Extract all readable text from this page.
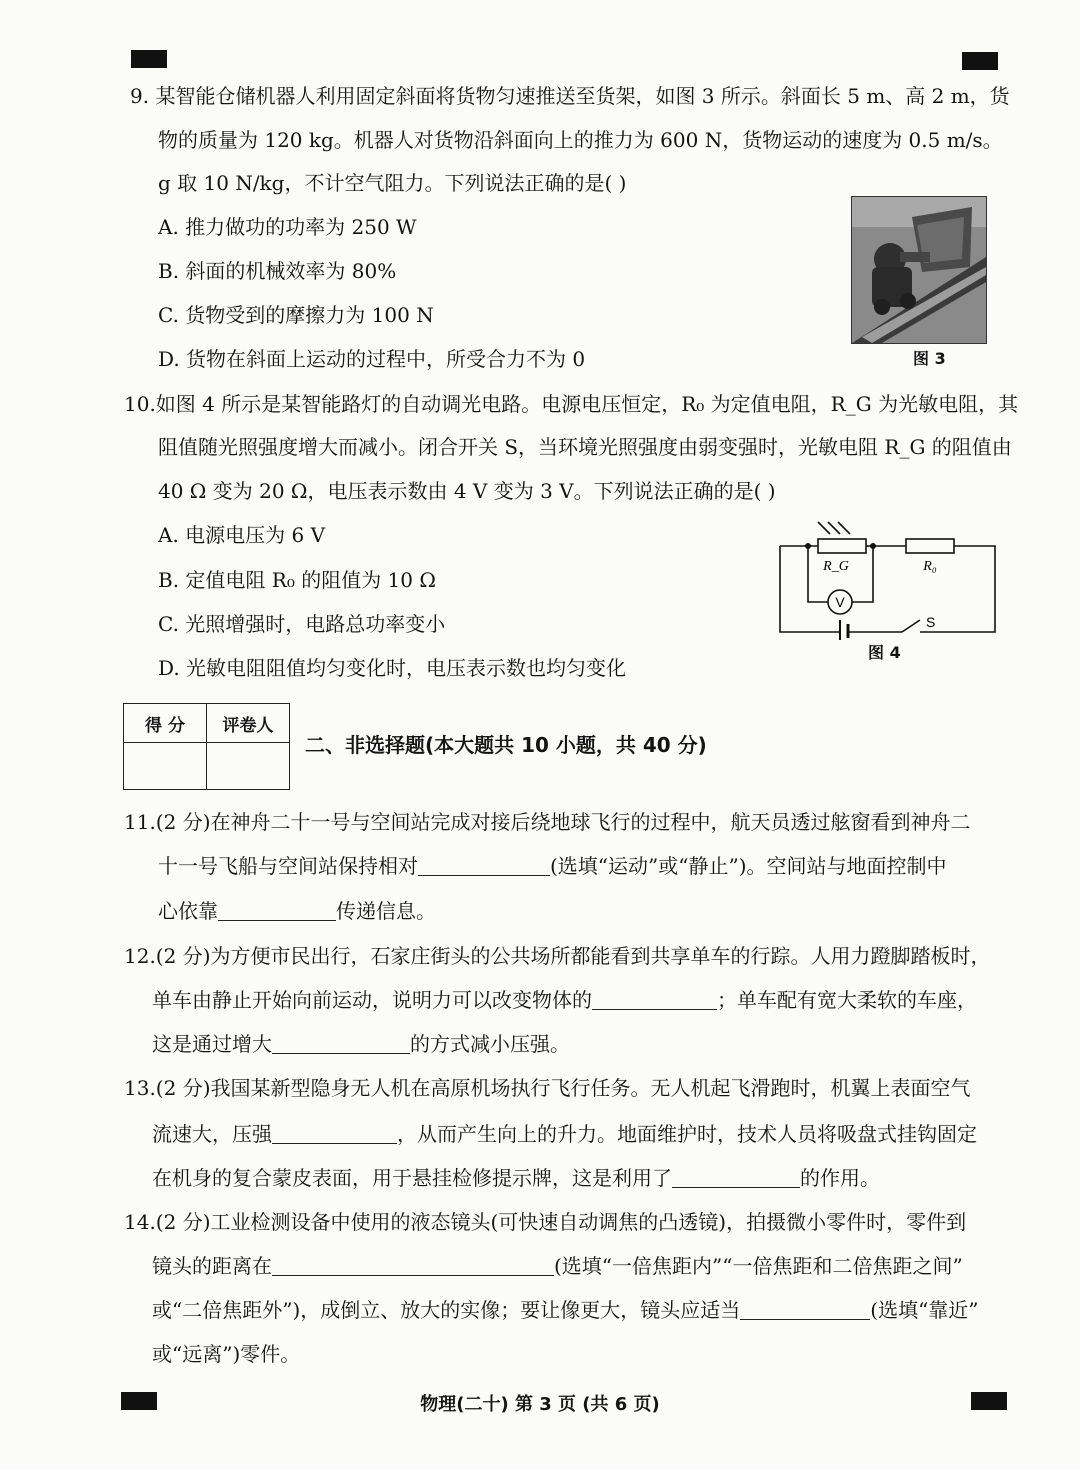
9. 某智能仓储机器人利用固定斜面将货物匀速推送至货架，如图 3 所示。斜面长 5 m、高 2 m，货
物的质量为 120 kg。机器人对货物沿斜面向上的推力为 600 N，货物运动的速度为 0.5 m/s。
g 取 10 N/kg，不计空气阻力。下列说法正确的是( )
A. 推力做功的功率为 250 W
B. 斜面的机械效率为 80%
C. 货物受到的摩擦力为 100 N
D. 货物在斜面上运动的过程中，所受合力不为 0	图 3
10.如图 4 所示是某智能路灯的自动调光电路。电源电压恒定，R₀ 为定值电阻，R_G 为光敏电阻，其
阻值随光照强度增大而减小。闭合开关 S，当环境光照强度由弱变强时，光敏电阻 R_G 的阻值由
40 Ω 变为 20 Ω，电压表示数由 4 V 变为 3 V。下列说法正确的是( )
A. 电源电压为 6 V
B. 定值电阻 R₀ 的阻值为 10 Ω
C. 光照增强时，电路总功率变小
D. 光敏电阻阻值均匀变化时，电压表示数也均匀变化
R_G	R₀
V
S
图 4
得 分	评卷人

二、非选择题(本大题共 10 小题，共 40 分)
11.(2 分)在神舟二十一号与空间站完成对接后绕地球飞行的过程中，航天员透过舷窗看到神舟二
十一号飞船与空间站保持相对	(选填“运动”或“静止”)。空间站与地面控制中
心依靠	传递信息。
12.(2 分)为方便市民出行，石家庄街头的公共场所都能看到共享单车的行踪。人用力蹬脚踏板时，
单车由静止开始向前运动，说明力可以改变物体的	；单车配有宽大柔软的车座，
这是通过增大	的方式减小压强。
物理(二十) 第 3 页 (共 6 页)
13.(2 分)我国某新型隐身无人机在高原机场执行飞行任务。无人机起飞滑跑时，机翼上表面空气
流速大，压强	，从而产生向上的升力。地面维护时，技术人员将吸盘式挂钩固定
在机身的复合蒙皮表面，用于悬挂检修提示牌，这是利用了	的作用。
14.(2 分)工业检测设备中使用的液态镜头(可快速自动调焦的凸透镜)，拍摄微小零件时，零件到
镜头的距离在	(选填“一倍焦距内”“一倍焦距和二倍焦距之间”
或“二倍焦距外”)，成倒立、放大的实像；要让像更大，镜头应适当	(选填“靠近”
或“远离”)零件。
